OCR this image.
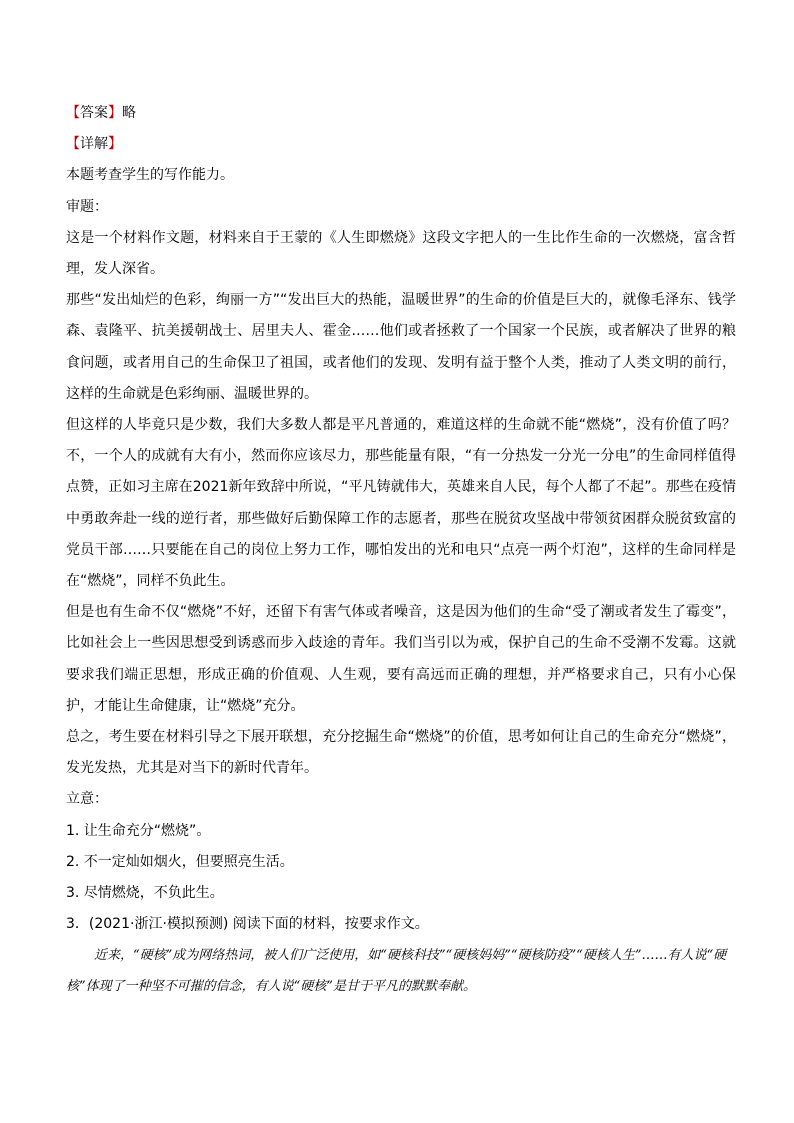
【答案】略
【详解】
本题考查学生的写作能力。
审题：

这是一个材料作文题，材料来自于王蒙的《人生即燃烧》这段文字把人的一生比作生命的一次燃烧，富含哲理，发人深省。

那些“发出灿烂的色彩，绚丽一方”“发出巨大的热能，温暖世界”的生命的价值是巨大的，就像毛泽东、钱学森、袁隆平、抗美援朝战士、居里夫人、霍金……他们或者拯救了一个国家一个民族，或者解决了世界的粮食问题，或者用自己的生命保卫了祖国，或者他们的发现、发明有益于整个人类，推动了人类文明的前行，这样的生命就是色彩绚丽、温暖世界的。

但这样的人毕竟只是少数，我们大多数人都是平凡普通的，难道这样的生命就不能“燃烧”，没有价值了吗？不，一个人的成就有大有小，然而你应该尽力，那些能量有限，“有一分热发一分光一分电”的生命同样值得点赞，正如习主席在2021新年致辞中所说，“平凡铸就伟大，英雄来自人民，每个人都了不起”。那些在疫情中勇敢奔赴一线的逆行者，那些做好后勤保障工作的志愿者，那些在脱贫攻坚战中带领贫困群众脱贫致富的党员干部……只要能在自己的岗位上努力工作，哪怕发出的光和电只“点亮一两个灯泡”，这样的生命同样是在“燃烧”，同样不负此生。

但是也有生命不仅“燃烧”不好，还留下有害气体或者噪音，这是因为他们的生命“受了潮或者发生了霉变”，比如社会上一些因思想受到诱惑而步入歧途的青年。我们当引以为戒，保护自己的生命不受潮不发霉。这就要求我们端正思想，形成正确的价值观、人生观，要有高远而正确的理想，并严格要求自己，只有小心保护，才能让生命健康，让“燃烧”充分。

总之，考生要在材料引导之下展开联想，充分挖掘生命“燃烧”的价值，思考如何让自己的生命充分“燃烧”，发光发热，尤其是对当下的新时代青年。

立意：
1. 让生命充分“燃烧”。
2. 不一定灿如烟火，但要照亮生活。
3. 尽情燃烧，不负此生。
3．(2021·浙江·模拟预测) 阅读下面的材料，按要求作文。

近来，“硬核”成为网络热词，被人们广泛使用，如“硬核科技”“硬核妈妈”“硬核防疫”“硬核人生”……有人说“硬核”体现了一种坚不可摧的信念，有人说“硬核”是甘于平凡的默默奉献。
